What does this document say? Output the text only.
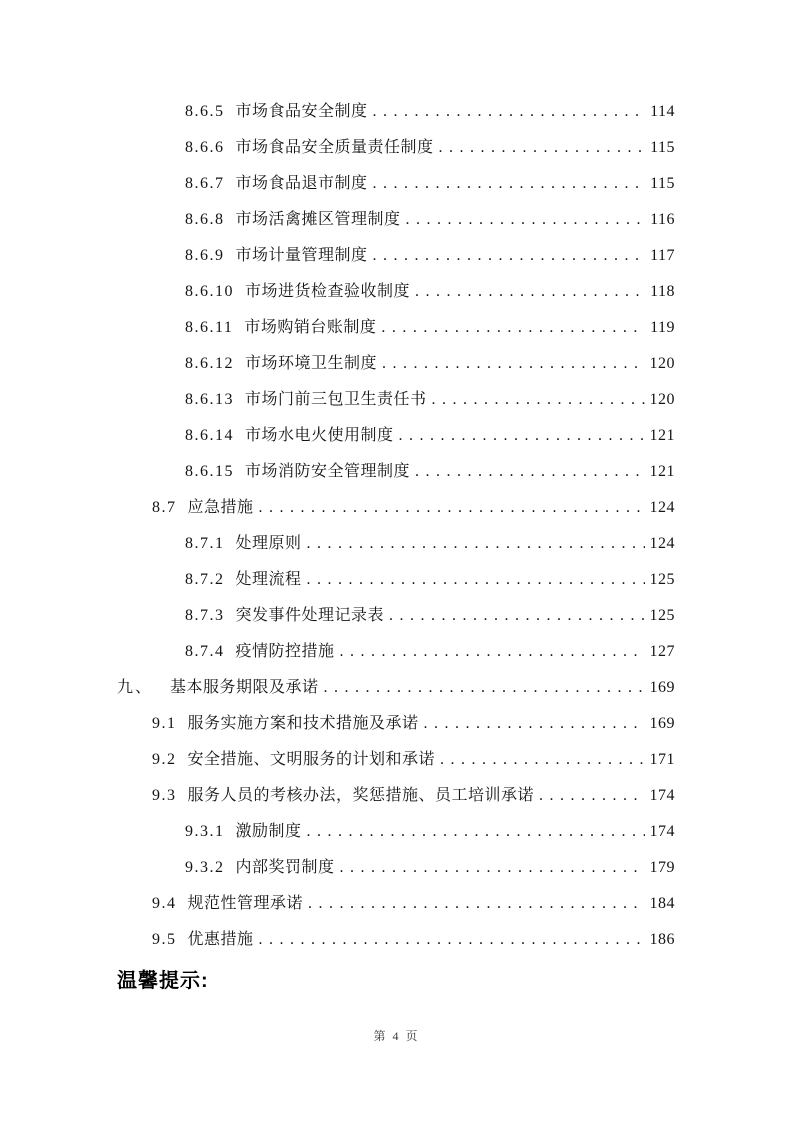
8.6.5 市场食品安全制度 .....	114
8.6.6 市场食品安全质量责任制度 .....	115
8.6.7 市场食品退市制度 .....	115
8.6.8 市场活禽摊区管理制度 .....	116
8.6.9 市场计量管理制度 .....	117
8.6.10 市场进货检查验收制度 .....	118
8.6.11 市场购销台账制度 .....	119
8.6.12 市场环境卫生制度 .....	120
8.6.13 市场门前三包卫生责任书 .....	120
8.6.14 市场水电火使用制度 .....	121
8.6.15 市场消防安全管理制度 .....	121
8.7 应急措施 .....	124
8.7.1 处理原则 .....	124
8.7.2 处理流程 .....	125
8.7.3 突发事件处理记录表 .....	125
8.7.4 疫情防控措施 .....	127
九、 基本服务期限及承诺 .....	169
9.1 服务实施方案和技术措施及承诺 .....	169
9.2 安全措施、文明服务的计划和承诺 .....	171
9.3 服务人员的考核办法，奖惩措施、员工培训承诺 .....	174
9.3.1 激励制度 .....	174
9.3.2 内部奖罚制度 .....	179
9.4 规范性管理承诺 .....	184
9.5 优惠措施 .....	186
温馨提示:
第 4 页
